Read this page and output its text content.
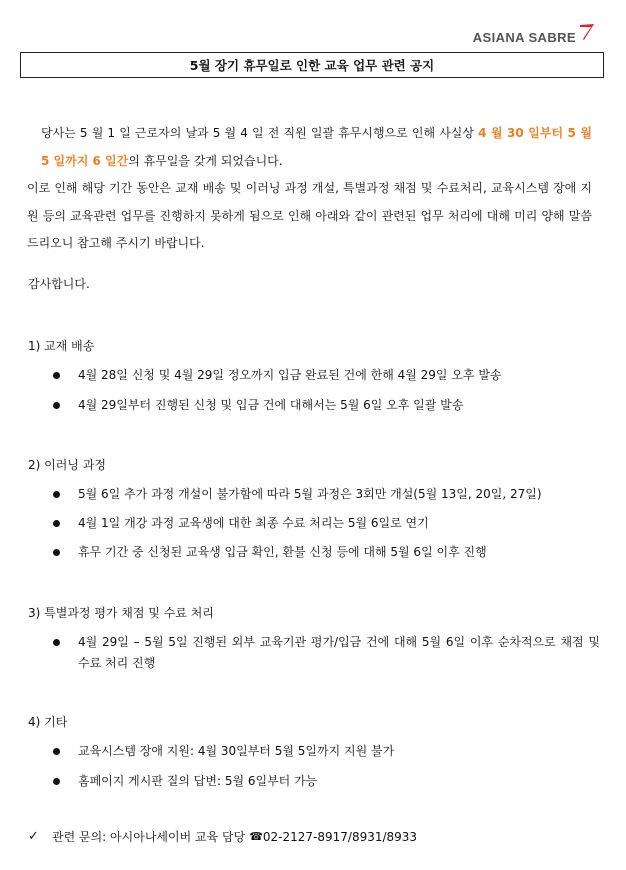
ASIANA SABRE
5월 장기 휴무일로 인한 교육 업무 관련 공지
당사는 5 월 1 일 근로자의 날과 5 월 4 일 전 직원 일괄 휴무시행으로 인해 사실상 4 월 30 일부터 5 월 5 일까지 6 일간의 휴무일을 갖게 되었습니다.
이로 인해 해당 기간 동안은 교재 배송 및 이러닝 과정 개설, 특별과정 채점 및 수료처리, 교육시스템 장애 지원 등의 교육관련 업무를 진행하지 못하게 됨으로 인해 아래와 같이 관련된 업무 처리에 대해 미리 양해 말씀 드리오니 참고해 주시기 바랍니다.
감사합니다.
1) 교재 배송
4월 28일 신청 및 4월 29일 정오까지 입금 완료된 건에 한해 4월 29일 오후 발송
4월 29일부터 진행된 신청 및 입금 건에 대해서는 5월 6일 오후 일괄 발송
2) 이러닝 과정
5월 6일 추가 과정 개설이 불가함에 따라 5월 과정은 3회만 개설(5월 13일, 20일, 27일)
4월 1일 개강 과정 교육생에 대한 최종 수료 처리는 5월 6일로 연기
휴무 기간 중 신청된 교육생 입금 확인, 환불 신청 등에 대해 5월 6일 이후 진행
3) 특별과정 평가 채점 및 수료 처리
4월 29일 – 5월 5일 진행된 외부 교육기관 평가/입금 건에 대해 5월 6일 이후 순차적으로 채점 및 수료 처리 진행
4) 기타
교육시스템 장애 지원: 4월 30일부터 5월 5일까지 지원 불가
홈페이지 게시판 질의 답변: 5월 6일부터 가능
✓	관련 문의: 아시아나세이버 교육 담당 ☎ 02-2127-8917/8931/8933
